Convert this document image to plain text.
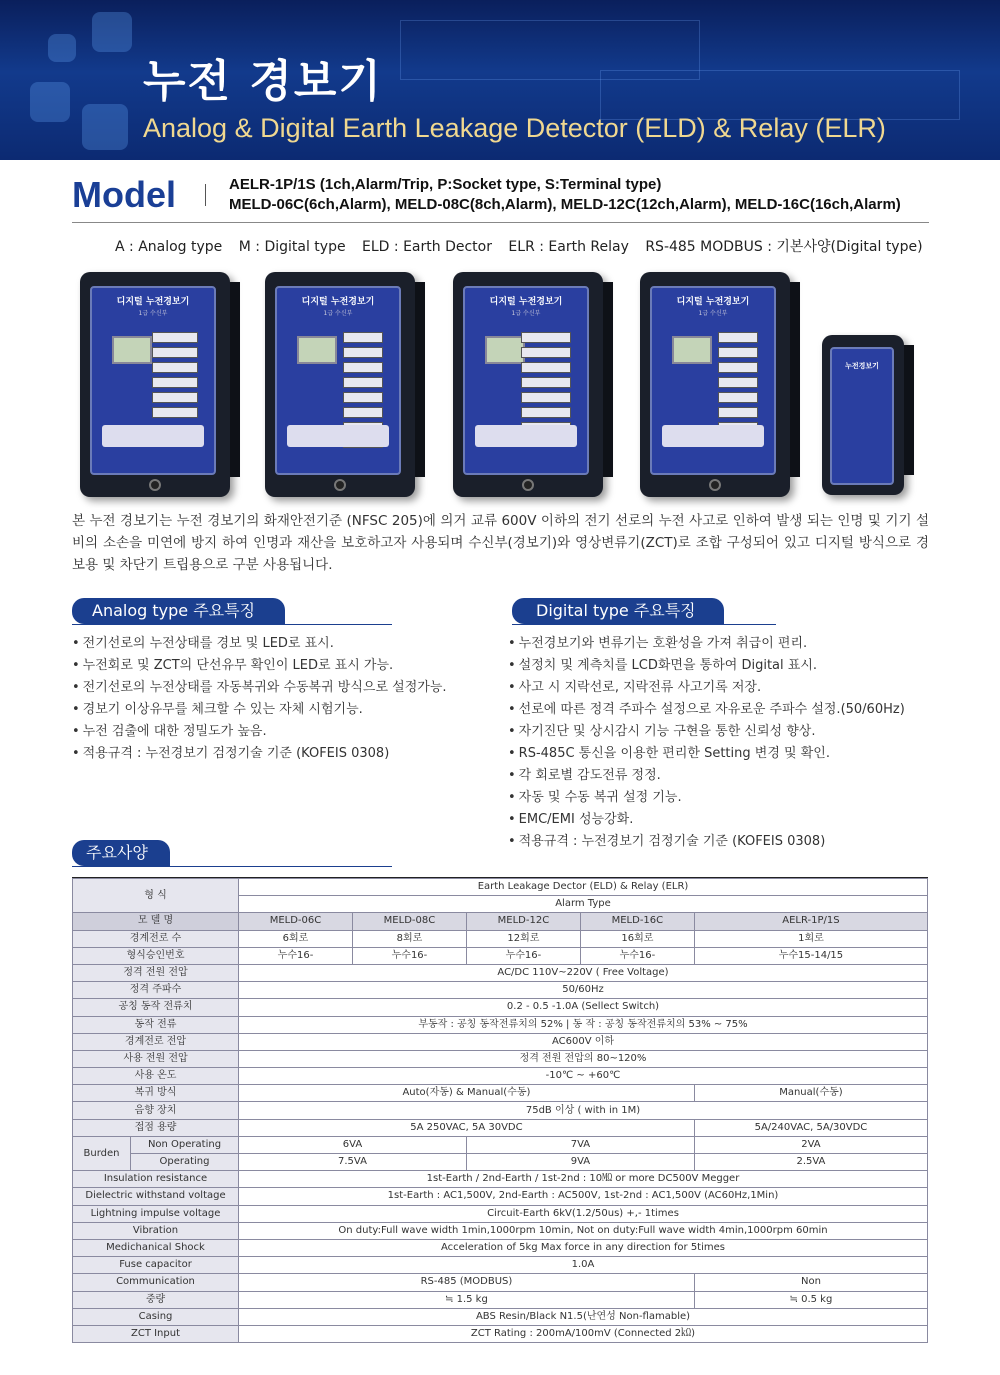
누전 경보기
Analog & Digital Earth Leakage Detector (ELD) & Relay (ELR)
Model	AELR-1P/1S (1ch,Alarm/Trip, P:Socket type, S:Terminal type)
MELD-06C(6ch,Alarm), MELD-08C(8ch,Alarm), MELD-12C(12ch,Alarm), MELD-16C(16ch,Alarm)
A : Analog type M : Digital type ELD : Earth Dector ELR : Earth Relay RS-485 MODBUS : 기본사양(Digital type)
디지털 누전경보기
1급 수신부
디지털 누전경보기
1급 수신부
디지털 누전경보기
1급 수신부
디지털 누전경보기
1급 수신부
누전경보기
본 누전 경보기는 누전 경보기의 화재안전기준 (NFSC 205)에 의거 교류 600V 이하의 전기 선로의 누전 사고로 인하여 발생 되는 인명 및 기기 설비의 소손을 미연에 방지 하여 인명과 재산을 보호하고자 사용되며 수신부(경보기)와 영상변류기(ZCT)로 조합 구성되어 있고 디지털 방식으로 경보용 및 차단기 트립용으로 구분 사용됩니다.
Analog type 주요특징
• 전기선로의 누전상태를 경보 및 LED로 표시.
• 누전회로 및 ZCT의 단선유무 확인이 LED로 표시 가능.
• 전기선로의 누전상태를 자동복귀와 수동복귀 방식으로 설정가능.
• 경보기 이상유무를 체크할 수 있는 자체 시험기능.
• 누전 검출에 대한 정밀도가 높음.
• 적용규격 : 누전경보기 검정기술 기준 (KOFEIS 0308)
Digital type 주요특징
• 누전경보기와 변류기는 호환성을 가져 취급이 편리.
• 설정치 및 계측치를 LCD화면을 통하여 Digital 표시.
• 사고 시 지락선로, 지락전류 사고기록 저장.
• 선로에 따른 정격 주파수 설정으로 자유로운 주파수 설정.(50/60Hz)
• 자기진단 및 상시감시 기능 구현을 통한 신뢰성 향상.
• RS-485C 통신을 이용한 편리한 Setting 변경 및 확인.
• 각 회로별 감도전류 정정.
• 자동 및 수동 복귀 설정 기능.
• EMC/EMI 성능강화.
• 적용규격 : 누전경보기 검정기술 기준 (KOFEIS 0308)
주요사양
형 식		Earth Leakage Dector (ELD) & Relay (ELR)				
		Alarm Type				
모 델 명		MELD-06C	MELD-08C	MELD-12C	MELD-16C	AELR-1P/1S
경계전로 수		6회로	8회로	12회로	16회로	1회로
형식승인번호		누수16-	누수16-	누수16-	누수16-	누수15-14/15
정격 전원 전압		AC/DC 110V~220V ( Free Voltage)				
정격 주파수		50/60Hz				
공칭 동작 전류치		0.2 - 0.5 -1.0A (Sellect Switch)				
동작 전류		부동작 : 공칭 동작전류치의 52% | 동 작 : 공칭 동작전류치의 53% ~ 75%				
경계전로 전압		AC600V 이하				
사용 전원 전압		정격 전원 전압의 80~120%				
사용 온도		-10℃ ~ +60℃				
복귀 방식		Auto(자동) & Manual(수동)				Manual(수동)
음향 장치		75dB 이상 ( with in 1M)				
접점 용량		5A 250VAC, 5A 30VDC				5A/240VAC, 5A/30VDC
Burden	Non Operating	6VA		7VA		2VA
	Operating	7.5VA		9VA		2.5VA
Insulation resistance		1st-Earth / 2nd-Earth / 1st-2nd : 10㏁ or more DC500V Megger				
Dielectric withstand voltage		1st-Earth : AC1,500V, 2nd-Earth : AC500V, 1st-2nd : AC1,500V (AC60Hz,1Min)				
Lightning impulse voltage		Circuit-Earth 6kV(1.2/50us) +,- 1times				
Vibration		On duty:Full wave width 1min,1000rpm 10min, Not on duty:Full wave width 4min,1000rpm 60min				
Medichanical Shock		Acceleration of 5kg Max force in any direction for 5times				
Fuse capacitor		1.0A				
Communication		RS-485 (MODBUS)				Non
중량		≒ 1.5 kg				≒ 0.5 kg
Casing		ABS Resin/Black N1.5(난연성 Non-flamable)				
ZCT Input		ZCT Rating : 200mA/100mV (Connected 2㏀)				
